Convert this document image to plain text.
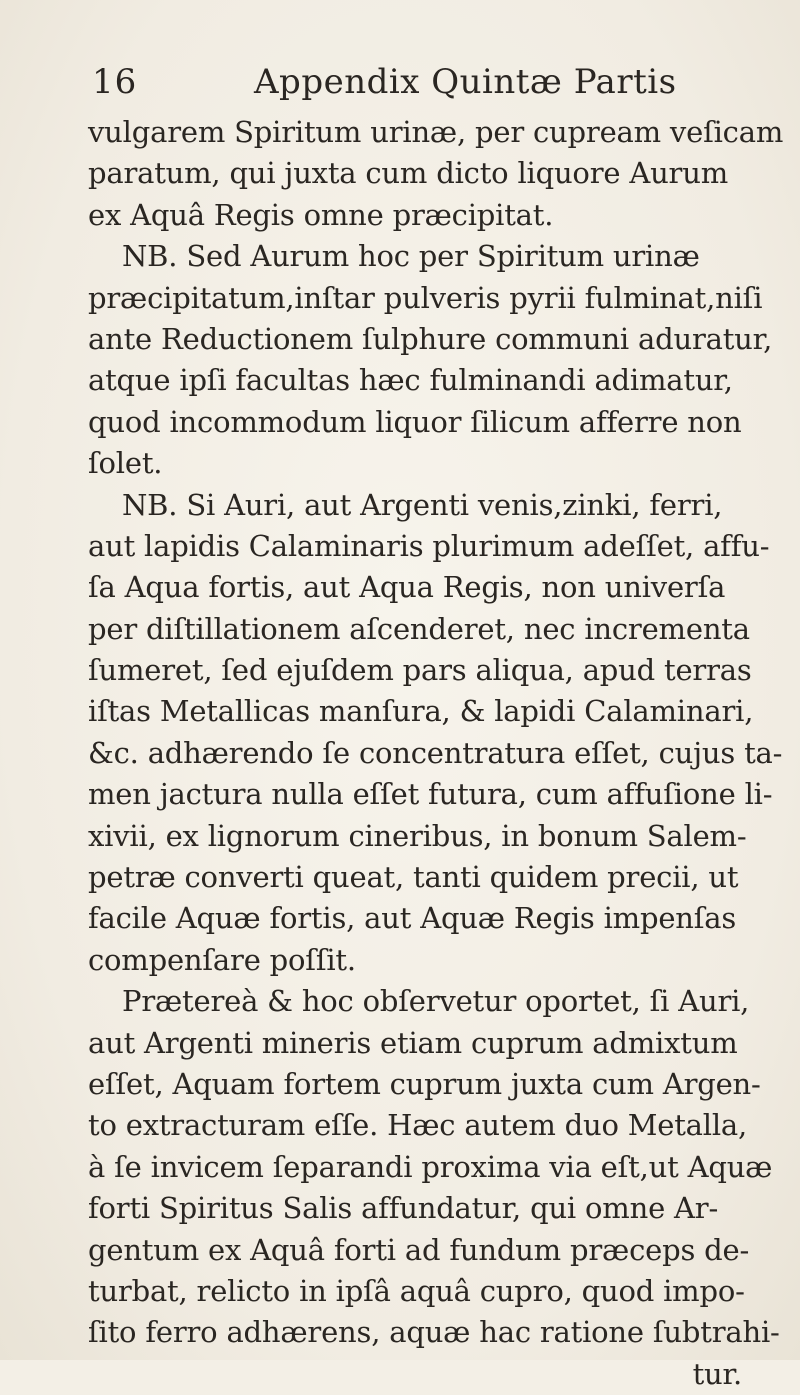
16	Appendix Quintæ Partis
vulgarem Spiritum urinæ, per cupream veſicam
paratum, qui juxta cum dicto liquore Aurum
ex Aquâ Regis omne præcipitat.
NB. Sed Aurum hoc per Spiritum urinæ
præcipitatum,inſtar pulveris pyrii fulminat,niſi
ante Reductionem ſulphure communi aduratur,
atque ipſi facultas hæc fulminandi adimatur,
quod incommodum liquor ſilicum afferre non
ſolet.
NB. Si Auri, aut Argenti venis,zinki, ferri,
aut lapidis Calaminaris plurimum adeſſet, affu-
ſa Aqua fortis, aut Aqua Regis, non univerſa
per diſtillationem aſcenderet, nec incrementa
ſumeret, ſed ejuſdem pars aliqua, apud terras
iſtas Metallicas manſura, & lapidi Calaminari,
&c. adhærendo ſe concentratura eſſet, cujus ta-
men jactura nulla eſſet futura, cum affuſione li-
xivii, ex lignorum cineribus, in bonum Salem-
petræ converti queat, tanti quidem precii, ut
facile Aquæ fortis, aut Aquæ Regis impenſas
compenſare poſſit.
Prætereà & hoc obſervetur oportet, ſi Auri,
aut Argenti mineris etiam cuprum admixtum
eſſet, Aquam fortem cuprum juxta cum Argen-
to extracturam eſſe. Hæc autem duo Metalla,
à ſe invicem ſeparandi proxima via eſt,ut Aquæ
forti Spiritus Salis affundatur, qui omne Ar-
gentum ex Aquâ forti ad fundum præceps de-
turbat, relicto in ipſâ aquâ cupro, quod impo-
ſito ferro adhærens, aquæ hac ratione ſubtrahi-
tur.
